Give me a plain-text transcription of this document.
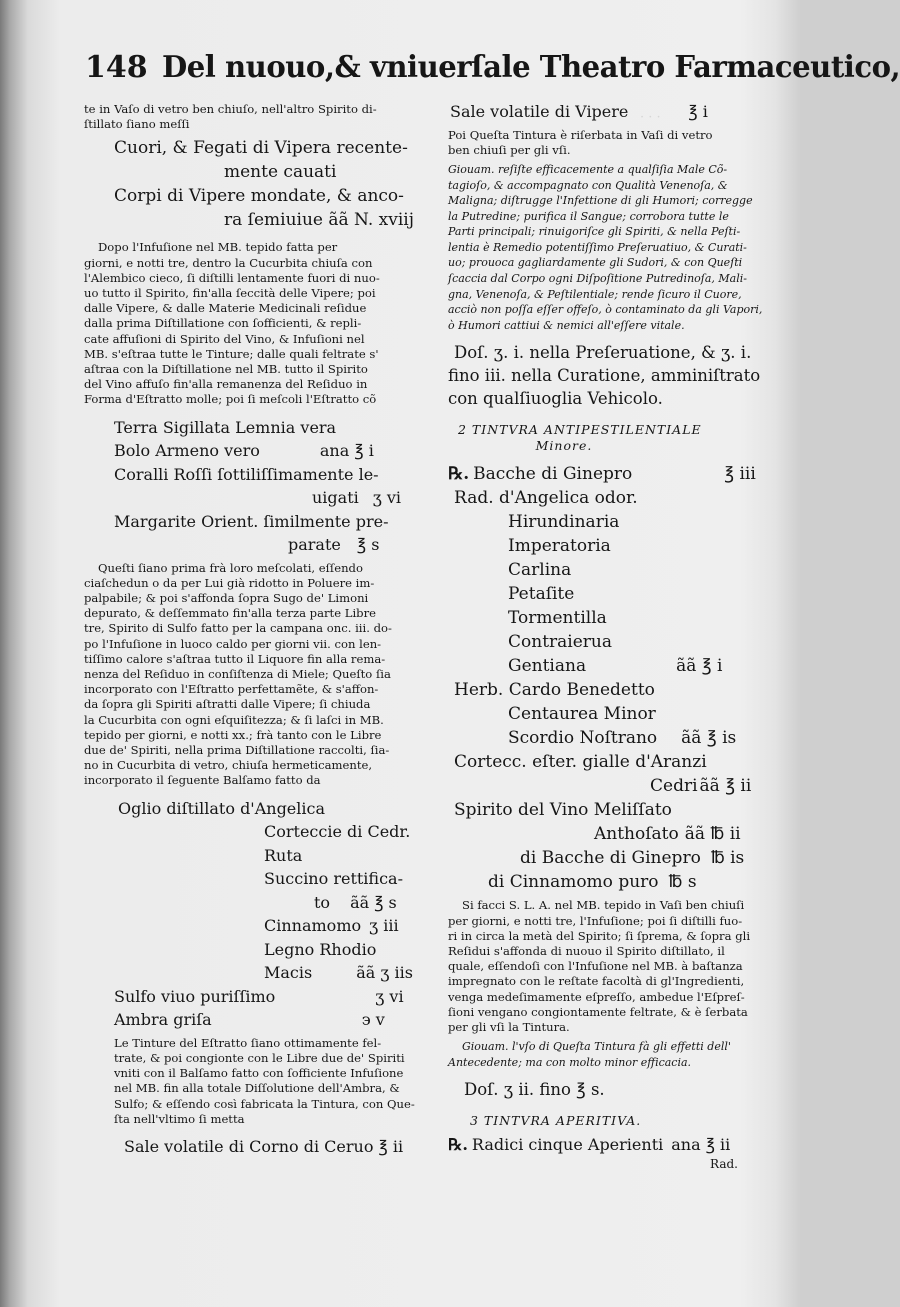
· · ·
148 Del nuouo,& vniuerſale Theatro Farmaceutico,
te in Vaſo di vetro ben chiuſo, nell'altro Spirito di-
ſtillato ſiano meſſi
Cuori, & Fegati di Vipera recente-
mente cauati
Corpi di Vipere mondate, & anco-
ra ſemiuiue ãã N. xviij
Dopo l'Infuſione nel MB. tepido fatta per
giorni, e notti tre, dentro la Cucurbita chiuſa con
l'Alembico cieco, ſi diſtilli lentamente fuori di nuo-
uo tutto il Spirito, fin'alla ſeccità delle Vipere; poi
dalle Vipere, & dalle Materie Medicinali reſidue
dalla prima Diſtillatione con ſofficienti, & repli-
cate affuſioni di Spirito del Vino, & Infuſioni nel
MB. s'eſtraa tutte le Tinture; dalle quali feltrate s'
aſtraa con la Diſtillatione nel MB. tutto il Spirito
del Vino affuſo fin'alla remanenza del Reſiduo in
Forma d'Eſtratto molle; poi ſi meſcoli l'Eſtratto cõ
Terra Sigillata Lemnia vera
Bolo Armeno vero	ana ℥ i
Coralli Roſſi ſottiliſſimamente le-
uigati ʒ vi
Margarite Orient. ſimilmente pre-
parate ℥ s
Queſti ſiano prima frà loro meſcolati, eſſendo
ciaſchedun o da per Lui già ridotto in Poluere im-
palpabile; & poi s'affonda ſopra Sugo de' Limoni
depurato, & deſſemmato fin'alla terza parte Libre
tre, Spirito di Sulfo fatto per la campana onc. iii. do-
po l'Infuſione in luoco caldo per giorni vii. con len-
tiſſimo calore s'aſtraa tutto il Liquore fin alla rema-
nenza del Reſiduo in conſiſtenza di Miele; Queſto ſia
incorporato con l'Eſtratto perfettamẽte, & s'affon-
da ſopra gli Spiriti aſtratti dalle Vipere; ſi chiuda
la Cucurbita con ogni eſquiſitezza; & ſi laſci in MB.
tepido per giorni, e notti xx.; frà tanto con le Libre
due de' Spiriti, nella prima Diſtillatione raccolti, ſia-
no in Cucurbita di vetro, chiuſa hermeticamente,
incorporato il ſeguente Balſamo fatto da
Oglio diſtillato d'Angelica
Corteccie di Cedr.
Ruta
Succino rettifica-
to ãã ℥ s
Cinnamomo ʒ iii
Legno Rhodio
Macis	ãã ʒ iis
Sulfo viuo puriſſimo	ʒ vi
Ambra griſa	϶ v
Le Tinture del Eſtratto ſiano ottimamente fel-
trate, & poi congionte con le Libre due de' Spiriti
vniti con il Balſamo fatto con ſofficiente Infuſione
nel MB. fin alla totale Diſſolutione dell'Ambra, &
Sulfo; & eſſendo così fabricata la Tintura, con Que-
ſta nell'vltimo ſi metta
Sale volatile di Corno di Ceruo ℥ ii
Sale volatile di Vipere	℥ i
Poi Queſta Tintura è riſerbata in Vaſi di vetro
ben chiuſi per gli vſi.
Giouam. reſiſte efficacemente a qualſiſia Male Cõ-
tagioſo, & accompagnato con Qualità Venenoſa, &
Maligna; diſtrugge l'Infettione di gli Humori; corregge
la Putredine; purifica il Sangue; corrobora tutte le
Parti principali; rinuigoriſce gli Spiriti, & nella Peſti-
lentia è Remedio potentiſſimo Preſeruatiuo, & Curati-
uo; prouoca gagliardamente gli Sudori, & con Queſti
ſcaccia dal Corpo ogni Diſpoſitione Putredinoſa, Mali-
gna, Venenoſa, & Peſtilentiale; rende ſicuro il Cuore,
acciò non poſſa eſſer offeſo, ò contaminato da gli Vapori,
ò Humori cattiui & nemici all'eſſere vitale.
Doſ. ʒ. i. nella Preſeruatione, & ʒ. i.
fino iii. nella Curatione, amminiſtrato
con qualſiuoglia Vehicolo.
2 TINTVRA ANTIPESTILENTIALE
Minore.
℞. Bacche di Ginepro	℥ iii
Rad. d'Angelica odor.
Hirundinaria
Imperatoria
Carlina
Petaſite
Tormentilla
Contraierua
Gentiana	ãã ℥ i
Herb. Cardo Benedetto
Centaurea Minor
Scordio Noſtrano ãã ℥ is
Cortecc. eſter. gialle d'Aranzi
Cedri ãã ℥ ii
Spirito del Vino Meliſſato
Anthoſato ãã ℔ ii
di Bacche di Ginepro ℔ is
di Cinnamomo puro ℔ s
Si facci S. L. A. nel MB. tepido in Vaſi ben chiuſi
per giorni, e notti tre, l'Infuſione; poi ſi diſtilli fuo-
ri in circa la metà del Spirito; ſi ſprema, & ſopra gli
Reſidui s'affonda di nuouo il Spirito diſtillato, il
quale, eſſendoſi con l'Infuſione nel MB. à baſtanza
impregnato con le reſtate facoltà di gl'Ingredienti,
venga medeſimamente eſpreſſo, ambedue l'Eſpreſ-
ſioni vengano congiontamente feltrate, & è ſerbata
per gli vſi la Tintura.
Giouam. l'vſo di Queſta Tintura fà gli effetti dell'
Antecedente; ma con molto minor efficacia.
Doſ. ʒ ii. fino ℥ s.
3 TINTVRA APERITIVA.
℞. Radici cinque Aperienti ana ℥ ii
Rad.
